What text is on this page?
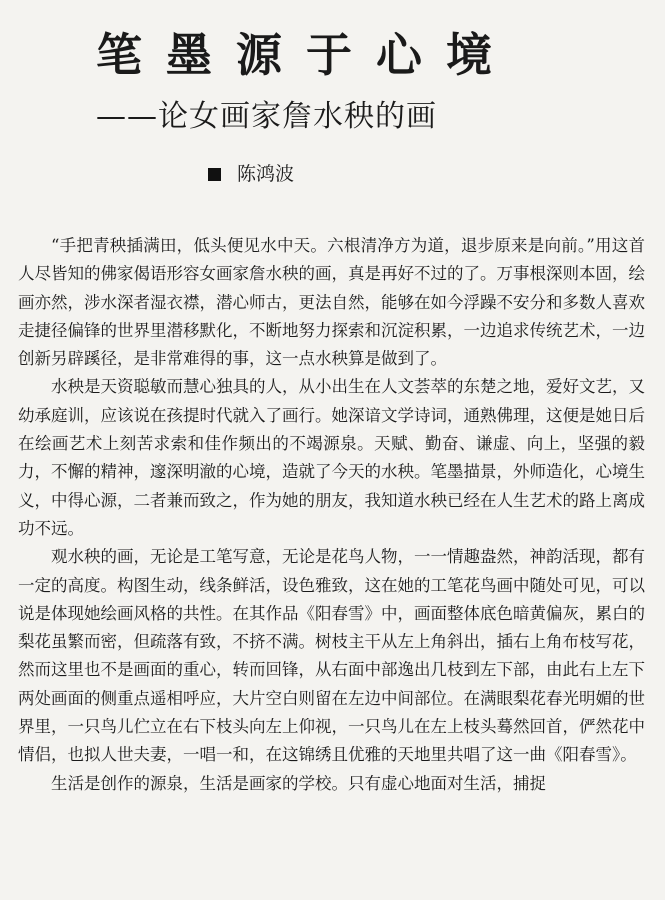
笔墨源于心境
——论女画家詹水秧的画
陈鸿波

“手把青秧插满田，低头便见水中天。六根清净方为道，退步原来是向前。”用这首人尽皆知的佛家偈语形容女画家詹水秧的画，真是再好不过的了。万事根深则本固，绘画亦然，涉水深者湿衣襟，潜心师古，更法自然，能够在如今浮躁不安分和多数人喜欢走捷径偏锋的世界里潜移默化，不断地努力探索和沉淀积累，一边追求传统艺术，一边创新另辟蹊径，是非常难得的事，这一点水秧算是做到了。

水秧是天资聪敏而慧心独具的人，从小出生在人文荟萃的东楚之地，爱好文艺，又幼承庭训，应该说在孩提时代就入了画行。她深谙文学诗词，通熟佛理，这便是她日后在绘画艺术上刻苦求索和佳作频出的不竭源泉。天赋、勤奋、谦虚、向上，坚强的毅力，不懈的精神，邃深明澈的心境，造就了今天的水秧。笔墨描景，外师造化，心境生义，中得心源，二者兼而致之，作为她的朋友，我知道水秧已经在人生艺术的路上离成功不远。

观水秧的画，无论是工笔写意，无论是花鸟人物，一一情趣盎然，神韵活现，都有一定的高度。构图生动，线条鲜活，设色雅致，这在她的工笔花鸟画中随处可见，可以说是体现她绘画风格的共性。在其作品《阳春雪》中，画面整体底色暗黄偏灰，累白的梨花虽繁而密，但疏落有致，不挤不满。树枝主干从左上角斜出，插右上角布枝写花，然而这里也不是画面的重心，转而回锋，从右面中部逸出几枝到左下部，由此右上左下两处画面的侧重点遥相呼应，大片空白则留在左边中间部位。在满眼梨花春光明媚的世界里，一只鸟儿伫立在右下枝头向左上仰视，一只鸟儿在左上枝头蓦然回首，俨然花中情侣，也拟人世夫妻，一唱一和，在这锦绣且优雅的天地里共唱了这一曲《阳春雪》。

生活是创作的源泉，生活是画家的学校。只有虚心地面对生活，捕捉
